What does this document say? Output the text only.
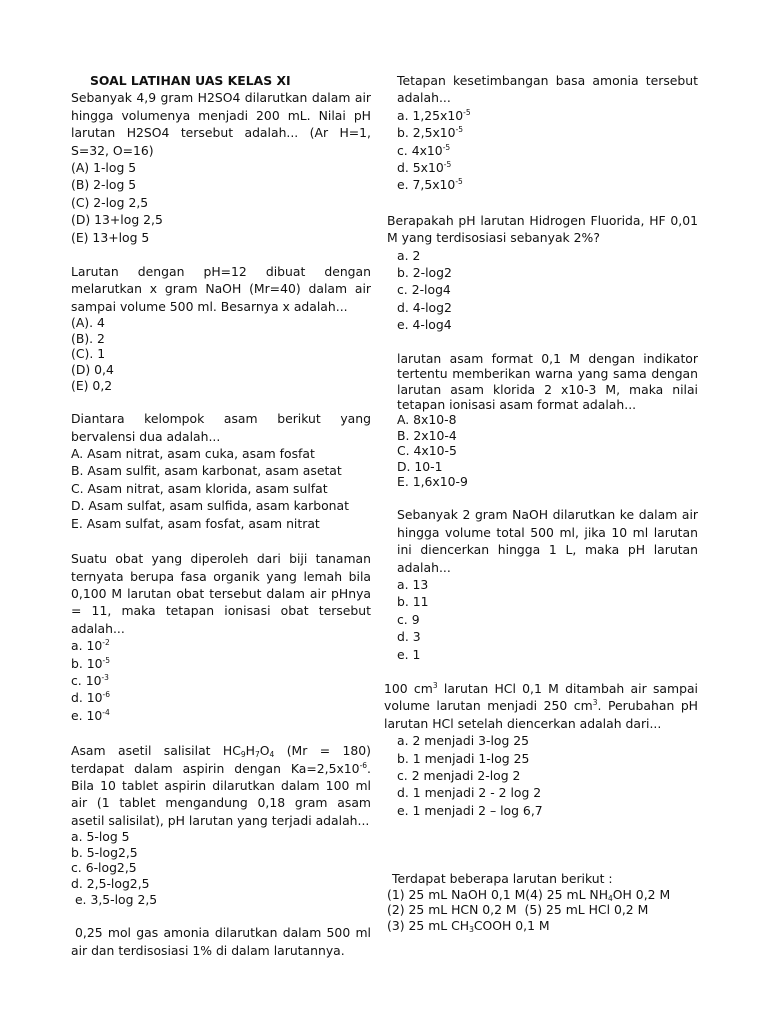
SOAL LATIHAN UAS KELAS XI
Sebanyak 4,9 gram H2SO4 dilarutkan dalam air hingga volumenya menjadi 200 mL. Nilai pH larutan H2SO4 tersebut adalah... (Ar H=1, S=32, O=16)
(A) 1-log 5
(B) 2-log 5
(C) 2-log 2,5
(D) 13+log 2,5
(E) 13+log 5
Larutan dengan pH=12 dibuat dengan melarutkan x gram NaOH (Mr=40) dalam air sampai volume 500 ml. Besarnya x adalah...
(A). 4
(B). 2
(C). 1
(D) 0,4
(E) 0,2
Diantara kelompok asam berikut yang bervalensi dua adalah...
A. Asam nitrat, asam cuka, asam fosfat
B. Asam sulfit, asam karbonat, asam asetat
C. Asam nitrat, asam klorida, asam sulfat
D. Asam sulfat, asam sulfida, asam karbonat
E. Asam sulfat, asam fosfat, asam nitrat
Suatu obat yang diperoleh dari biji tanaman ternyata berupa fasa organik yang lemah bila 0,100 M larutan obat tersebut dalam air pHnya = 11, maka tetapan ionisasi obat tersebut adalah...
a. $10^{-2}$
b. $10^{-5}$
c. $10^{-3}$
d. $10^{-6}$
e. $10^{-4}$
Asam asetil salisilat $HC_9H_7O_4$ (Mr = 180) terdapat dalam aspirin dengan $Ka=2,5x10^{-6}$. Bila 10 tablet aspirin dilarutkan dalam 100 ml air (1 tablet mengandung 0,18 gram asam asetil salisilat), pH larutan yang terjadi adalah...
a. 5-log 5
b. 5-log2,5
c. 6-log2,5
d. 2,5-log2,5
e. 3,5-log 2,5
0,25 mol gas amonia dilarutkan dalam 500 ml air dan terdisosiasi 1% di dalam larutannya.
Tetapan kesetimbangan basa amonia tersebut adalah...
a. $1,25x10^{-5}$
b. $2,5x10^{-5}$
c. $4x10^{-5}$
d. $5x10^{-5}$
e. $7,5x10^{-5}$
Berapakah pH larutan Hidrogen Fluorida, HF 0,01 M yang terdisosiasi sebanyak 2%?
a. 2
b. 2-log2
c. 2-log4
d. 4-log2
e. 4-log4
larutan asam format 0,1 M dengan indikator tertentu memberikan warna yang sama dengan larutan asam klorida 2 x10-3 M, maka nilai tetapan ionisasi asam format adalah...
A. 8x10-8
B. 2x10-4
C. 4x10-5
D. 10-1
E. 1,6x10-9
Sebanyak 2 gram NaOH dilarutkan ke dalam air hingga volume total 500 ml, jika 10 ml larutan ini diencerkan hingga 1 L, maka pH larutan adalah...
a. 13
b. 11
c. 9
d. 3
e. 1
100 $cm^3$ larutan HCl 0,1 M ditambah air sampai volume larutan menjadi 250 $cm^3$. Perubahan pH larutan HCl setelah diencerkan adalah dari...
a. 2 menjadi 3-log 25
b. 1 menjadi 1-log 25
c. 2 menjadi 2-log 2
d. 1 menjadi 2 - 2 log 2
e. 1 menjadi 2 – log 6,7
Terdapat beberapa larutan berikut :
(1) 25 mL NaOH 0,1 M(4) 25 mL $NH_4OH$ 0,2 M
(2) 25 mL HCN 0,2 M  (5) 25 mL HCl 0,2 M
(3) 25 mL $CH_3COOH$ 0,1 M
